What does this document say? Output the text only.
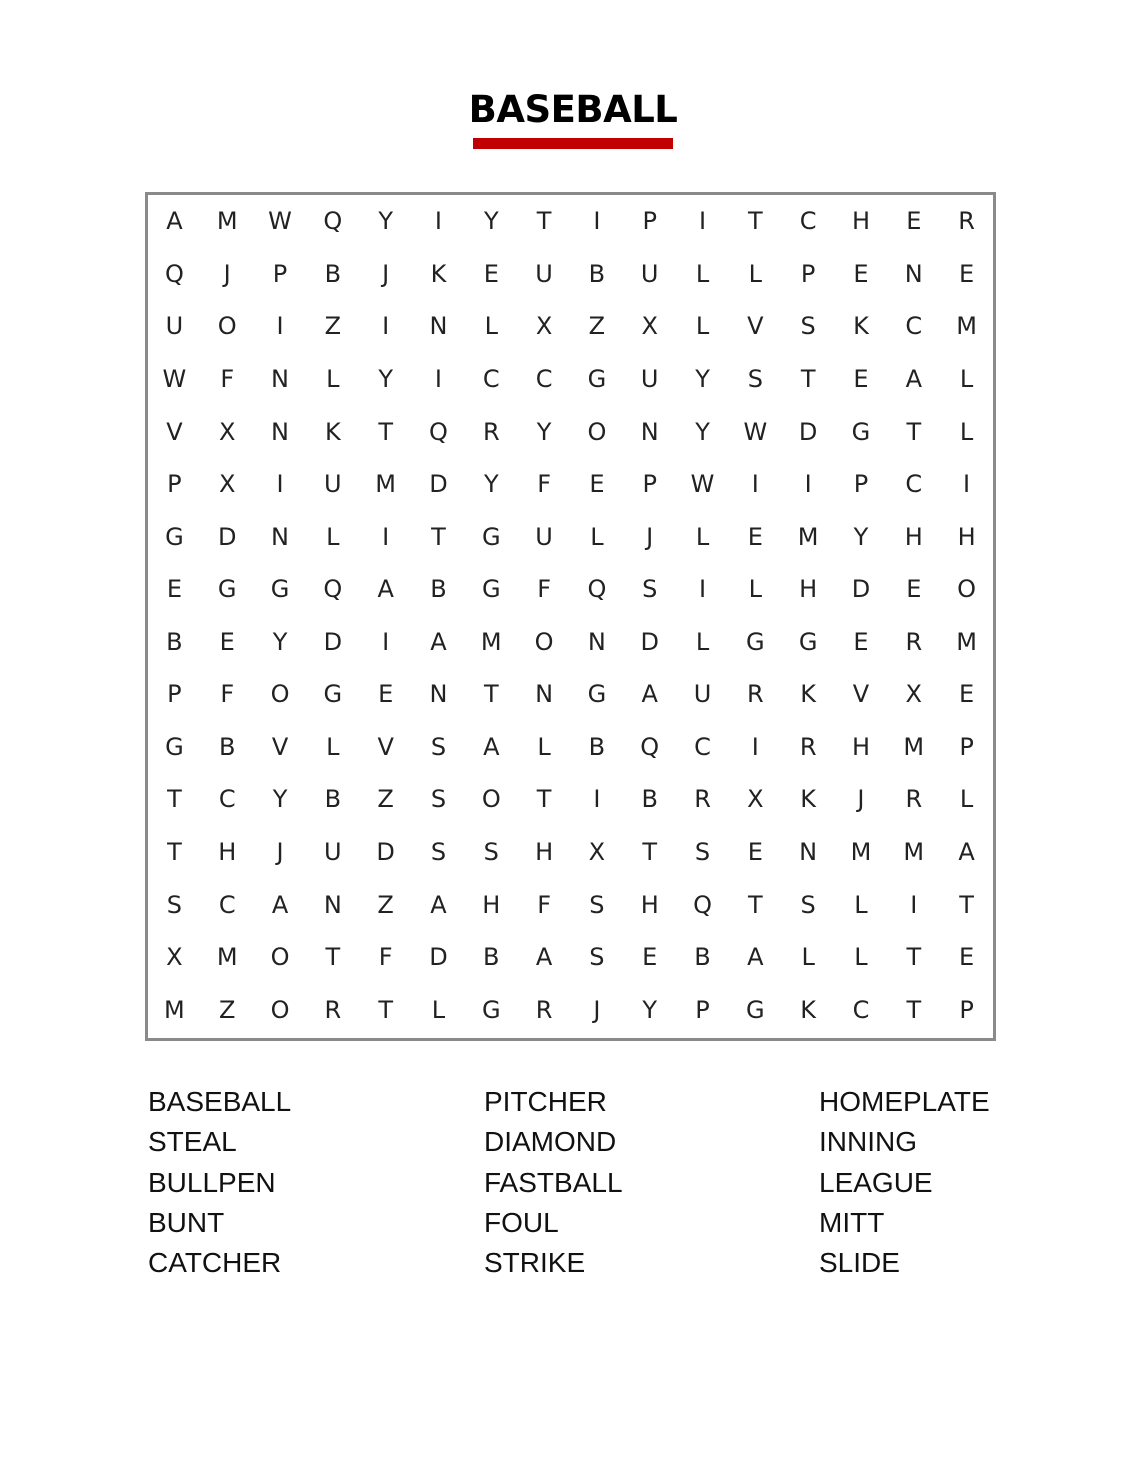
BASEBALL
A	M	W	Q	Y	I	Y	T	I	P	I	T	C	H	E	R
Q	J	P	B	J	K	E	U	B	U	L	L	P	E	N	E
U	O	I	Z	I	N	L	X	Z	X	L	V	S	K	C	M
W	F	N	L	Y	I	C	C	G	U	Y	S	T	E	A	L
V	X	N	K	T	Q	R	Y	O	N	Y	W	D	G	T	L
P	X	I	U	M	D	Y	F	E	P	W	I	I	P	C	I
G	D	N	L	I	T	G	U	L	J	L	E	M	Y	H	H
E	G	G	Q	A	B	G	F	Q	S	I	L	H	D	E	O
B	E	Y	D	I	A	M	O	N	D	L	G	G	E	R	M
P	F	O	G	E	N	T	N	G	A	U	R	K	V	X	E
G	B	V	L	V	S	A	L	B	Q	C	I	R	H	M	P
T	C	Y	B	Z	S	O	T	I	B	R	X	K	J	R	L
T	H	J	U	D	S	S	H	X	T	S	E	N	M	M	A
S	C	A	N	Z	A	H	F	S	H	Q	T	S	L	I	T
X	M	O	T	F	D	B	A	S	E	B	A	L	L	T	E
M	Z	O	R	T	L	G	R	J	Y	P	G	K	C	T	P
BASEBALL
STEAL
BULLPEN
BUNT
CATCHER
PITCHER
DIAMOND
FASTBALL
FOUL
STRIKE
HOMEPLATE
INNING
LEAGUE
MITT
SLIDE
